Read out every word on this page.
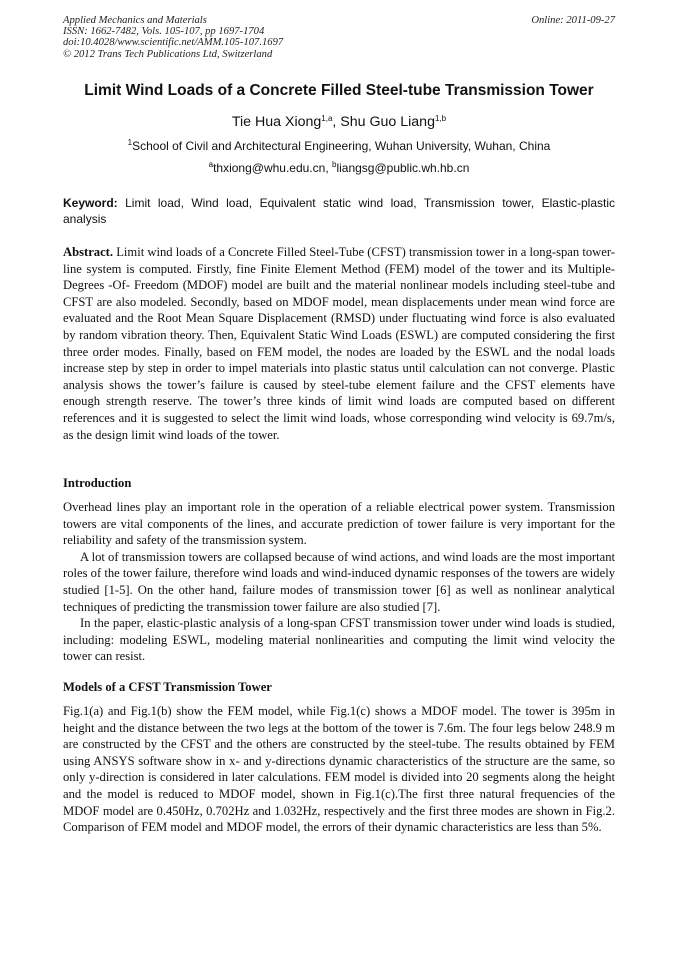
Applied Mechanics and Materials
ISSN: 1662-7482, Vols. 105-107, pp 1697-1704
doi:10.4028/www.scientific.net/AMM.105-107.1697
© 2012 Trans Tech Publications Ltd, Switzerland
Online: 2011-09-27
Limit Wind Loads of a Concrete Filled Steel-tube Transmission Tower
Tie Hua Xiong$^{1,a}$, Shu Guo Liang$^{1,b}$
$^1$School of Civil and Architectural Engineering, Wuhan University, Wuhan, China
$^a$thxiong@whu.edu.cn, $^b$liangsg@public.wh.hb.cn
Keyword: Limit load, Wind load, Equivalent static wind load, Transmission tower, Elastic-plastic analysis

Abstract. Limit wind loads of a Concrete Filled Steel-Tube (CFST) transmission tower in a long-span tower-line system is computed. Firstly, fine Finite Element Method (FEM) model of the tower and its Multiple-Degrees -Of- Freedom (MDOF) model are built and the material nonlinear models including steel-tube and CFST are also modeled. Secondly, based on MDOF model, mean displacements under mean wind force are evaluated and the Root Mean Square Displacement (RMSD) under fluctuating wind force is also evaluated by random vibration theory. Then, Equivalent Static Wind Loads (ESWL) are computed considering the first three order modes. Finally, based on FEM model, the nodes are loaded by the ESWL and the nodal loads increase step by step in order to impel materials into plastic status until calculation can not converge. Plastic analysis shows the tower’s failure is caused by steel-tube element failure and the CFST elements have enough strength reserve. The tower’s three kinds of limit wind loads are computed based on different references and it is suggested to select the limit wind loads, whose corresponding wind velocity is 69.7m/s, as the design limit wind loads of the tower.

Introduction

Overhead lines play an important role in the operation of a reliable electrical power system. Transmission towers are vital components of the lines, and accurate prediction of tower failure is very important for the reliability and safety of the transmission system.

A lot of transmission towers are collapsed because of wind actions, and wind loads are the most important roles of the tower failure, therefore wind loads and wind-induced dynamic responses of the towers are widely studied [1-5]. On the other hand, failure modes of transmission tower [6] as well as nonlinear analytical techniques of predicting the transmission tower failure are also studied [7].

In the paper, elastic-plastic analysis of a long-span CFST transmission tower under wind loads is studied, including: modeling ESWL, modeling material nonlinearities and computing the limit wind velocity the tower can resist.

Models of a CFST Transmission Tower

Fig.1(a) and Fig.1(b) show the FEM model, while Fig.1(c) shows a MDOF model. The tower is 395m in height and the distance between the two legs at the bottom of the tower is 7.6m. The four legs below 248.9 m are constructed by the CFST and the others are constructed by the steel-tube. The results obtained by FEM using ANSYS software show in x- and y-directions dynamic characteristics of the structure are the same, so only y-direction is considered in later calculations. FEM model is divided into 20 segments along the height and the model is reduced to MDOF model, shown in Fig.1(c).The first three natural frequencies of the MDOF model are 0.450Hz, 0.702Hz and 1.032Hz, respectively and the first three modes are shown in Fig.2. Comparison of FEM model and MDOF model, the errors of their dynamic characteristics are less than 5%.
